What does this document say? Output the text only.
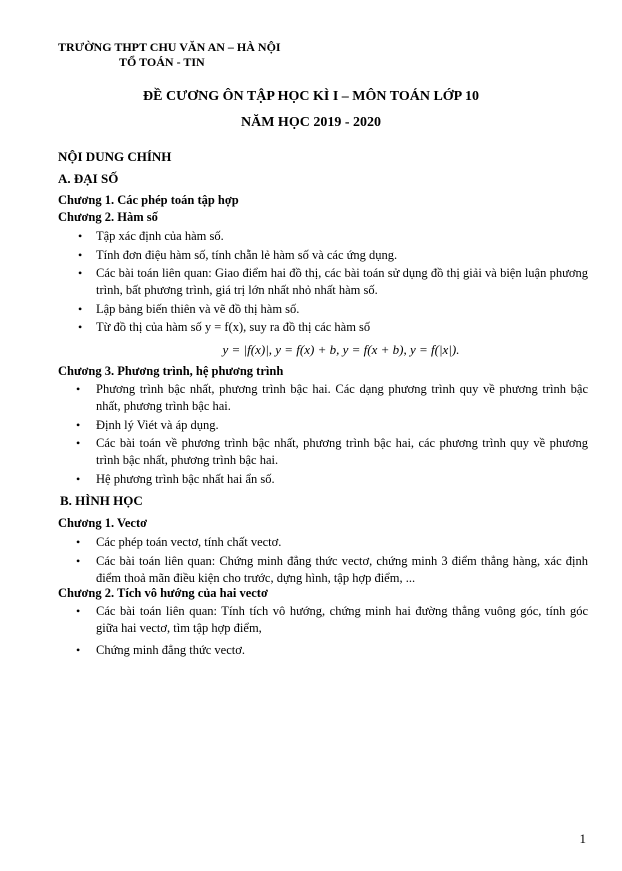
TRƯỜNG THPT CHU VĂN AN – HÀ NỘI
TỔ TOÁN - TIN
ĐỀ CƯƠNG ÔN TẬP HỌC KÌ I – MÔN TOÁN LỚP 10
NĂM HỌC 2019 - 2020
NỘI DUNG CHÍNH
A. ĐẠI SỐ
Chương 1. Các phép toán tập hợp
Chương 2. Hàm số
• Tập xác định của hàm số.
• Tính đơn điệu hàm số, tính chẵn lẻ hàm số và các ứng dụng.
• Các bài toán liên quan: Giao điểm hai đồ thị, các bài toán sử dụng đồ thị giải và biện luận phương trình, bất phương trình, giá trị lớn nhất nhỏ nhất hàm số.
• Lập bảng biến thiên và vẽ đồ thị hàm số.
• Từ đồ thị của hàm số y = f(x), suy ra đồ thị các hàm số
y = |f(x)|, y = f(x) + b, y = f(x + b), y = f(|x|).
Chương 3. Phương trình, hệ phương trình
• Phương trình bậc nhất, phương trình bậc hai. Các dạng phương trình quy về phương trình bậc nhất, phương trình bậc hai.
• Định lý Viét và áp dụng.
• Các bài toán về phương trình bậc nhất, phương trình bậc hai, các phương trình quy về phương trình bậc nhất, phương trình bậc hai.
• Hệ phương trình bậc nhất hai ẩn số.
B. HÌNH HỌC
Chương 1. Vectơ
• Các phép toán vectơ, tính chất vectơ.
• Các bài toán liên quan: Chứng minh đẳng thức vectơ, chứng minh 3 điểm thẳng hàng, xác định điểm thoả mãn điều kiện cho trước, dựng hình, tập hợp điểm, ...
Chương 2. Tích vô hướng của hai vectơ
• Các bài toán liên quan: Tính tích vô hướng, chứng minh hai đường thẳng vuông góc, tính góc giữa hai vectơ, tìm tập hợp điểm,
• Chứng minh đẳng thức vectơ.
1
